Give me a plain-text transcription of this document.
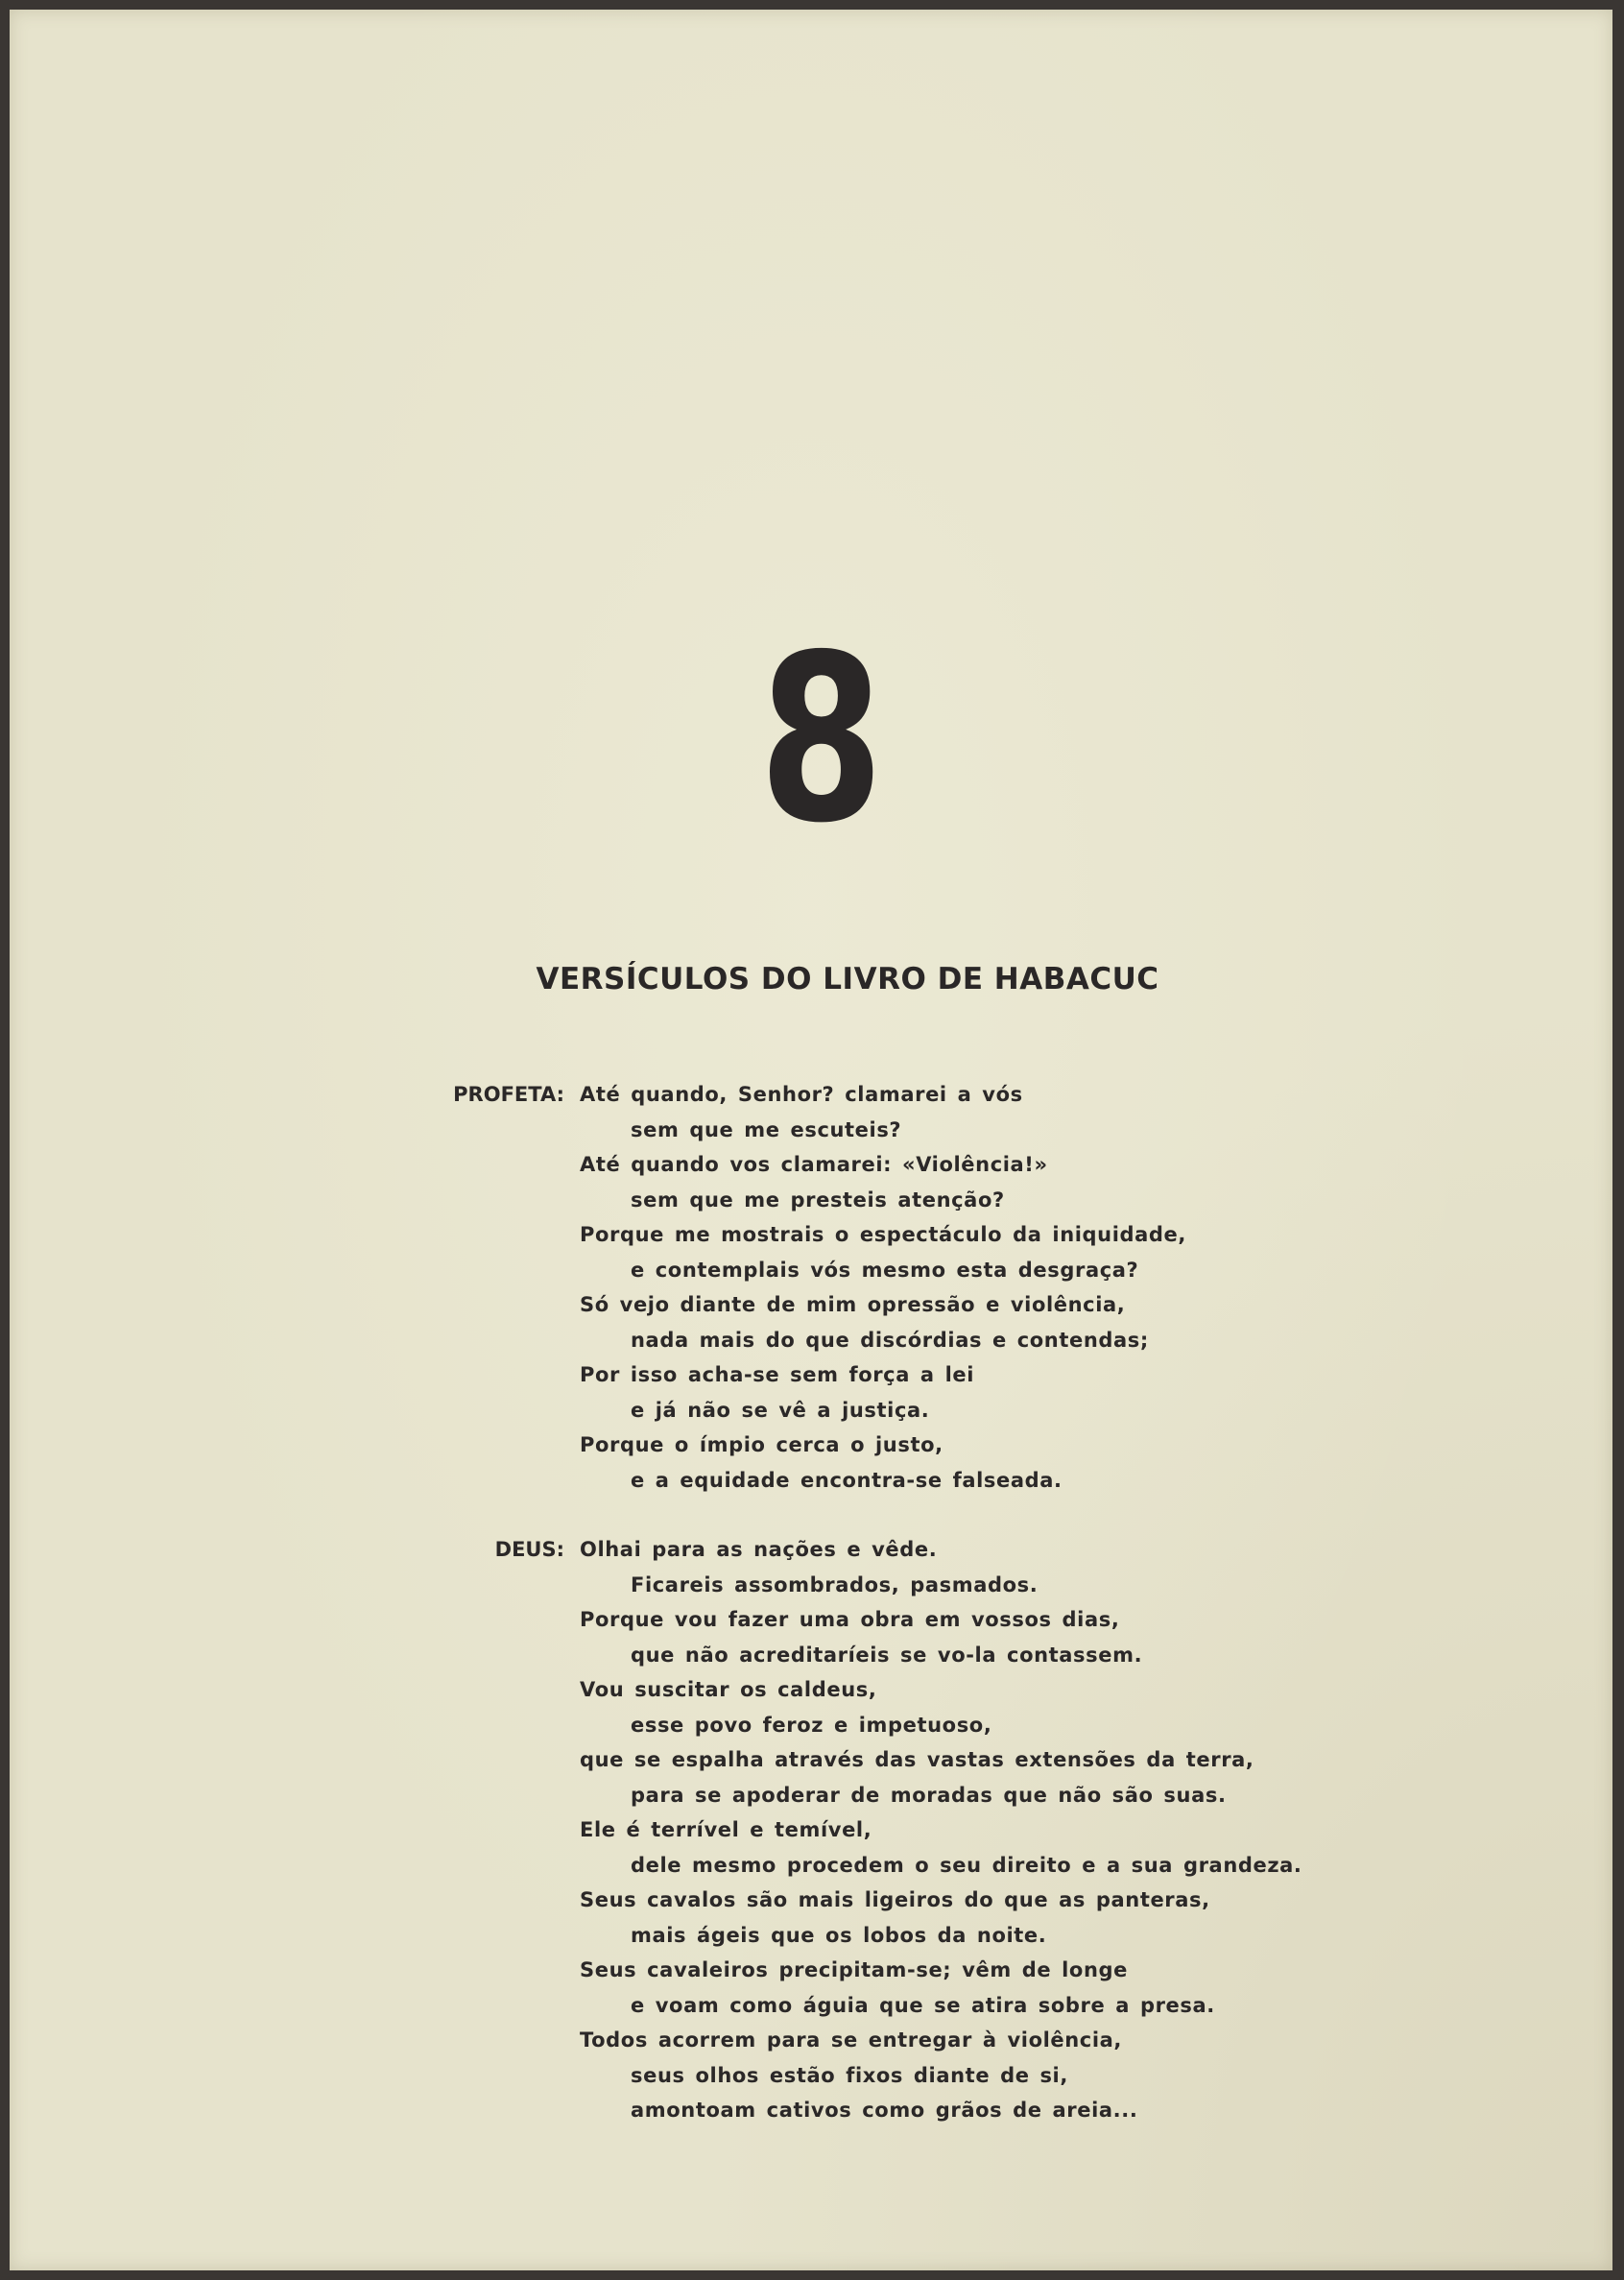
8
VERSÍCULOS DO LIVRO DE HABACUC
PROFETA: Até quando, Senhor? clamarei a vós
sem que me escuteis?
Até quando vos clamarei: «Violência!»
sem que me presteis atenção?
Porque me mostrais o espectáculo da iniquidade,
e contemplais vós mesmo esta desgraça?
Só vejo diante de mim opressão e violência,
nada mais do que discórdias e contendas;
Por isso acha-se sem força a lei
e já não se vê a justiça.
Porque o ímpio cerca o justo,
e a equidade encontra-se falseada.
DEUS: Olhai para as nações e vêde.
Ficareis assombrados, pasmados.
Porque vou fazer uma obra em vossos dias,
que não acreditaríeis se vo-la contassem.
Vou suscitar os caldeus,
esse povo feroz e impetuoso,
que se espalha através das vastas extensões da terra,
para se apoderar de moradas que não são suas.
Ele é terrível e temível,
dele mesmo procedem o seu direito e a sua grandeza.
Seus cavalos são mais ligeiros do que as panteras,
mais ágeis que os lobos da noite.
Seus cavaleiros precipitam-se; vêm de longe
e voam como águia que se atira sobre a presa.
Todos acorrem para se entregar à violência,
seus olhos estão fixos diante de si,
amontoam cativos como grãos de areia...
